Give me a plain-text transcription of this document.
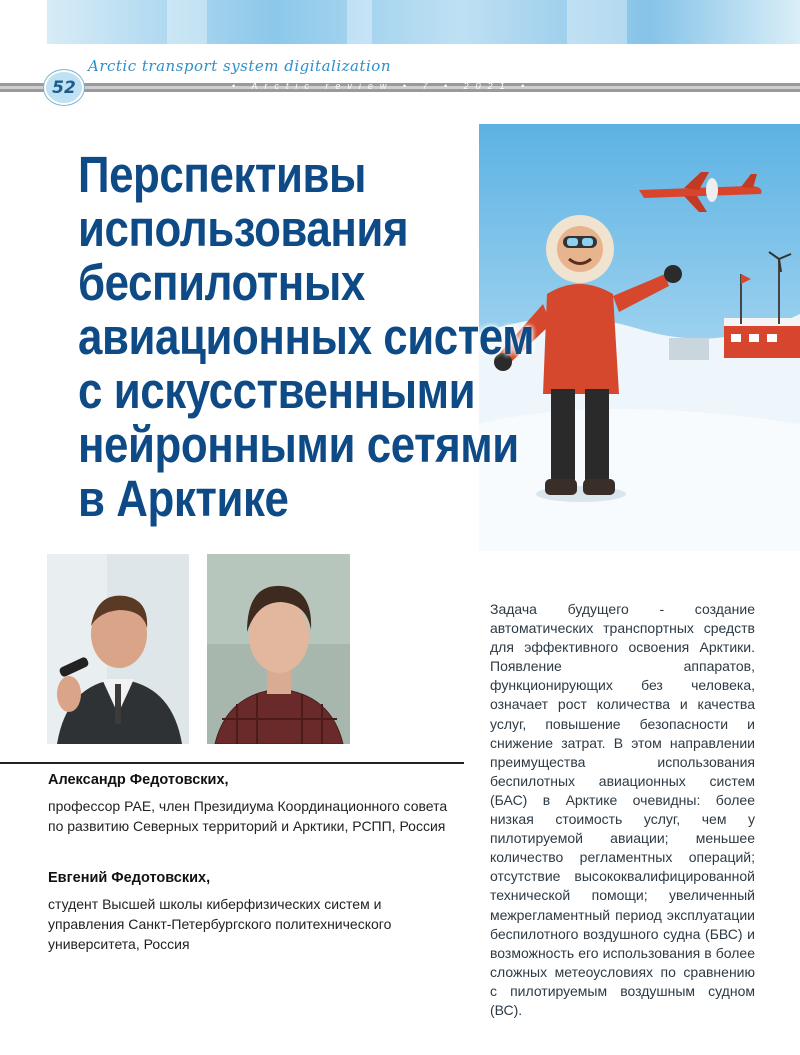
Arctic transport system digitalization
52	• Arctic review • 7 • 2021 •
Перспективы
использования
беспилотных
авиационных систем
с искусственными
нейронными сетями
в Арктике
Александр Федотовских,
профессор РАЕ, член Президиума Координационного совета по развитию Северных территорий и Арктики, РСПП, Россия
Евгений Федотовских,
студент Высшей школы киберфизических систем и управления Санкт-Петербургского политехнического университета, Россия

Задача будущего - создание автоматических транспортных средств для эффективного освоения Арктики. Появление аппаратов, функционирующих без человека, означает рост количества и качества услуг, повышение безопасности и снижение затрат. В этом направлении преимущества использования беспилотных авиационных систем (БАС) в Арктике очевидны: более низкая стоимость услуг, чем у пилотируемой авиации; меньшее количество регламентных операций; отсутствие высококвалифицированной технической помощи; увеличенный межрегламентный период эксплуатации беспилотного воздушного судна (БВС) и возможность его использования в более сложных метеоусловиях по сравнению с пилотируемым воздушным судном (ВС).
